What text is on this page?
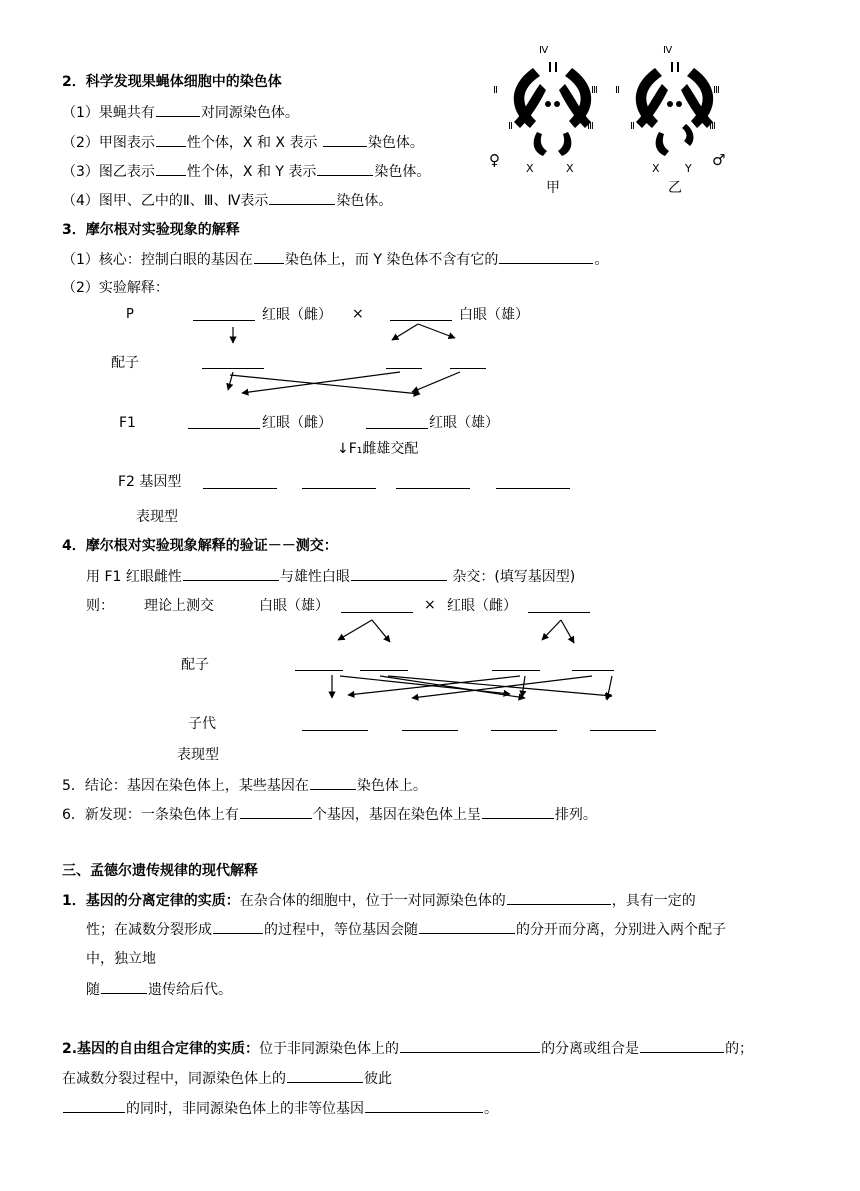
2．科学发现果蝇体细胞中的染色体
（1）果蝇共有	对同源染色体。
（2）甲图表示 性个体，X 和 X 表示	染色体。
（3）图乙表示 性个体，X 和 Y 表示	染色体。
（4）图甲、乙中的Ⅱ、Ⅲ、Ⅳ表示	染色体。
Ⅳ	Ⅳ
Ⅱ	Ⅲ
Ⅱ	Ⅲ
Ⅱ	Ⅲ
Ⅱ	Ⅲ
♀ X	X	X Y ♂
甲	乙
3．摩尔根对实验现象的解释
（1）核心：控制白眼的基因在 染色体上，而 Y 染色体不含有它的	。
（2）实验解释：
P	红眼（雌） ×	白眼（雄）
配子
F1	红眼（雌）	红眼（雄）
↓F₁雌雄交配
F2 基因型
表现型
4．摩尔根对实验现象解释的验证－－测交：
用 F1 红眼雌性	与雄性白眼	杂交：(填写基因型)
则： 理论上测交	白眼（雄）	× 红眼（雌）
配子
子代
表现型
5．结论：基因在染色体上，某些基因在	染色体上。
6．新发现：一条染色体上有	个基因，基因在染色体上呈	排列。
三、孟德尔遗传规律的现代解释
1．基因的分离定律的实质：在杂合体的细胞中，位于一对同源染色体的	，具有一定的
性；在减数分裂形成	的过程中，等位基因会随	的分开而分离，分别进入两个配子
中，独立地
随	遗传给后代。
2.基因的自由组合定律的实质：位于非同源染色体上的	的分离或组合是	的；
在减数分裂过程中，同源染色体上的	彼此
的同时，非同源染色体上的非等位基因	。
